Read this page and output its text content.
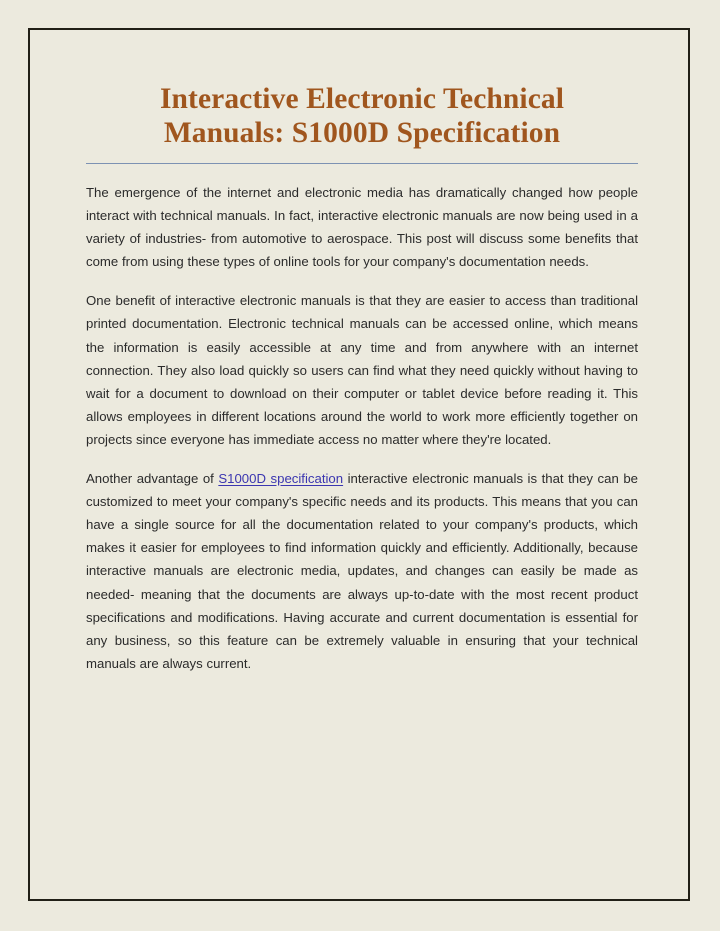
Interactive Electronic Technical Manuals: S1000D Specification

The emergence of the internet and electronic media has dramatically changed how people interact with technical manuals. In fact, interactive electronic manuals are now being used in a variety of industries- from automotive to aerospace. This post will discuss some benefits that come from using these types of online tools for your company's documentation needs.

One benefit of interactive electronic manuals is that they are easier to access than traditional printed documentation. Electronic technical manuals can be accessed online, which means the information is easily accessible at any time and from anywhere with an internet connection. They also load quickly so users can find what they need quickly without having to wait for a document to download on their computer or tablet device before reading it. This allows employees in different locations around the world to work more efficiently together on projects since everyone has immediate access no matter where they're located.

Another advantage of S1000D specification interactive electronic manuals is that they can be customized to meet your company's specific needs and its products. This means that you can have a single source for all the documentation related to your company's products, which makes it easier for employees to find information quickly and efficiently. Additionally, because interactive manuals are electronic media, updates, and changes can easily be made as needed- meaning that the documents are always up-to-date with the most recent product specifications and modifications. Having accurate and current documentation is essential for any business, so this feature can be extremely valuable in ensuring that your technical manuals are always current.
